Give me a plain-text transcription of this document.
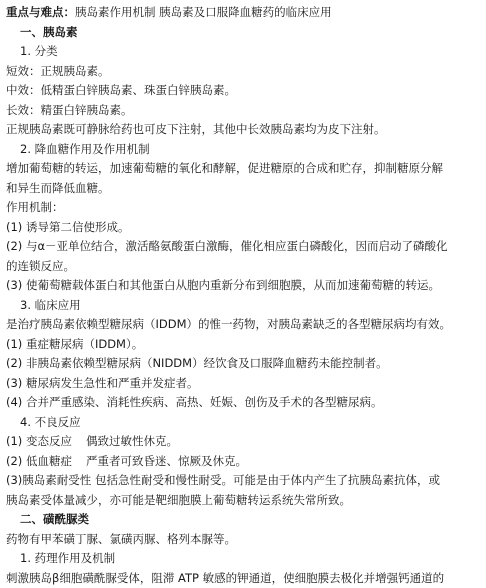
重点与难点：胰岛素作用机制 胰岛素及口服降血糖药的临床应用
一、胰岛素
1. 分类
短效：正规胰岛素。
中效：低精蛋白锌胰岛素、珠蛋白锌胰岛素。
长效：精蛋白锌胰岛素。
正规胰岛素既可静脉给药也可皮下注射，其他中长效胰岛素均为皮下注射。
2. 降血糖作用及作用机制
增加葡萄糖的转运，加速葡萄糖的氧化和酵解，促进糖原的合成和贮存，抑制糖原分解
和异生而降低血糖。
作用机制：
(1) 诱导第二信使形成。
(2) 与α－亚单位结合，激活酪氨酸蛋白激酶，催化相应蛋白磷酸化，因而启动了磷酸化
的连锁反应。
(3) 使葡萄糖载体蛋白和其他蛋白从胞内重新分布到细胞膜，从而加速葡萄糖的转运。
3. 临床应用
是治疗胰岛素依赖型糖尿病（IDDM）的惟一药物，对胰岛素缺乏的各型糖尿病均有效。
(1) 重症糖尿病（IDDM）。
(2) 非胰岛素依赖型糖尿病（NIDDM）经饮食及口服降血糖药未能控制者。
(3) 糖尿病发生急性和严重并发症者。
(4) 合并严重感染、消耗性疾病、高热、妊娠、创伤及手术的各型糖尿病。
4. 不良反应
(1) 变态反应 偶致过敏性休克。
(2) 低血糖症 严重者可致昏迷、惊厥及休克。
(3)胰岛素耐受性 包括急性耐受和慢性耐受。可能是由于体内产生了抗胰岛素抗体，或
胰岛素受体量减少，亦可能是靶细胞膜上葡萄糖转运系统失常所致。
二、磺酰脲类
药物有甲苯磺丁脲、氯磺丙脲、格列本脲等。
1. 药理作用及机制
刺激胰岛β细胞磺酰脲受体，阻滞 ATP 敏感的钾通道，使细胞膜去极化并增强钙通道的
